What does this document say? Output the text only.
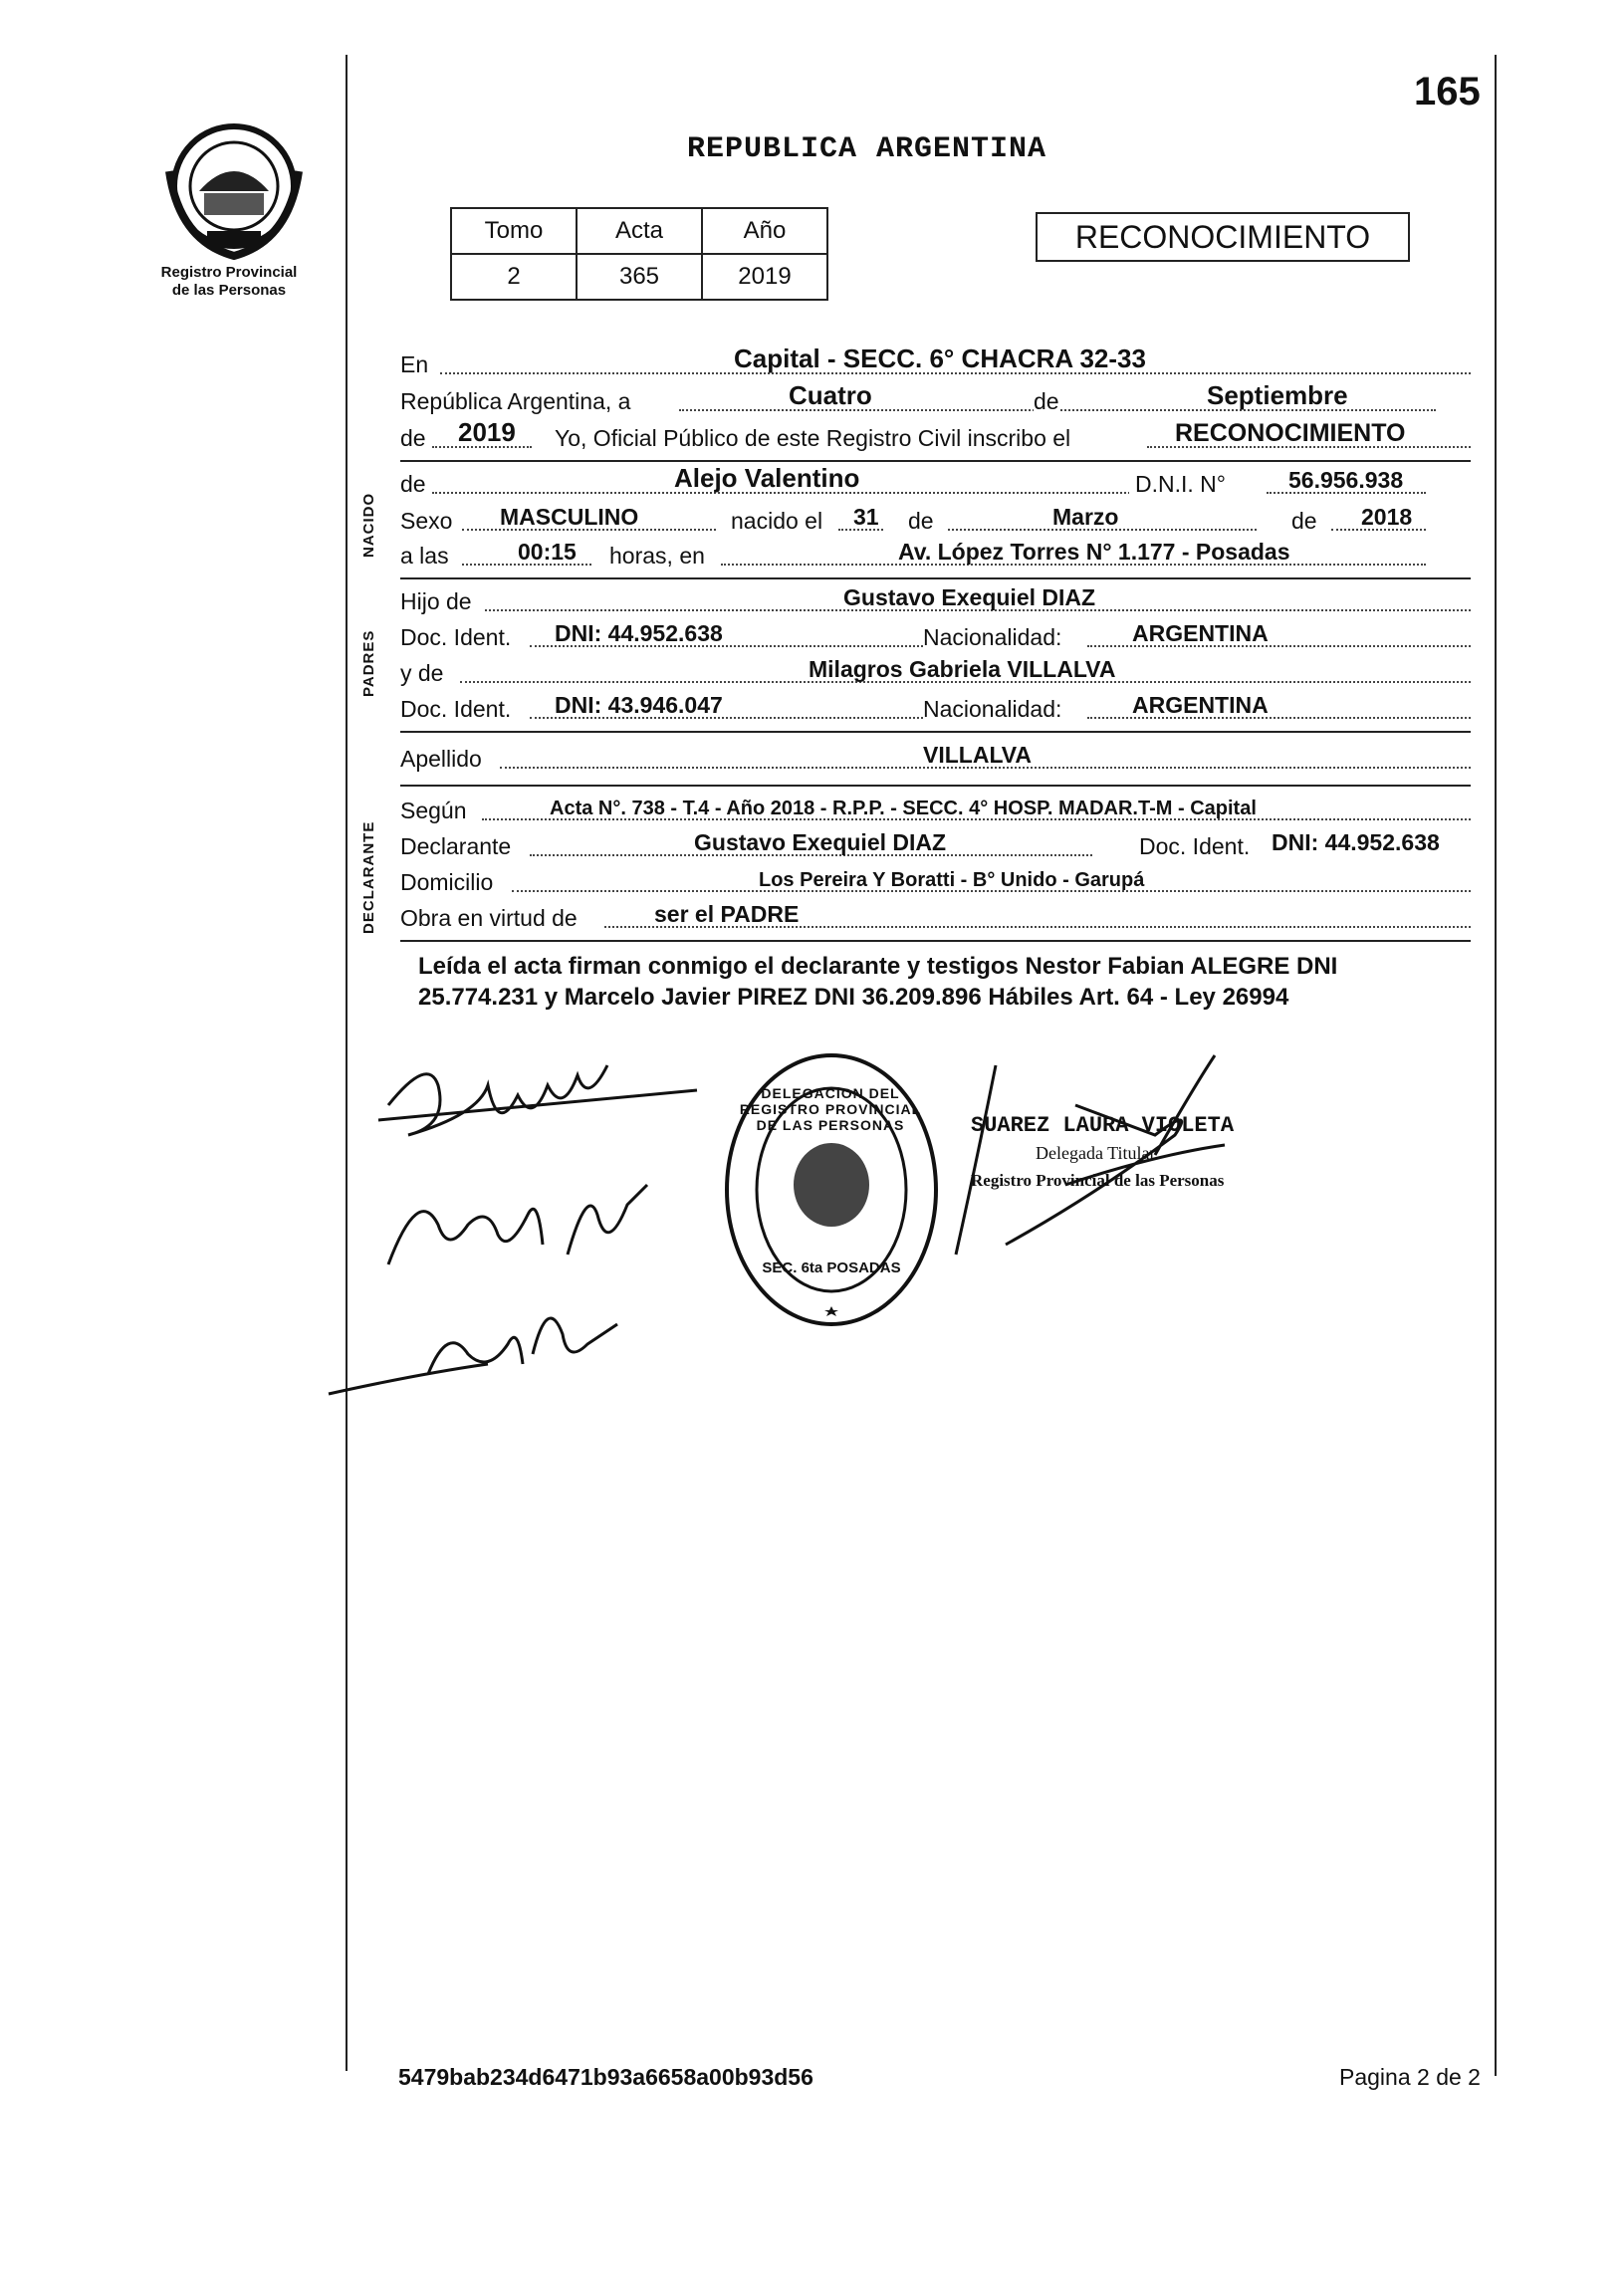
165
Registro Provincial
de las Personas
REPUBLICA ARGENTINA
Tomo	Acta	Año
2	365	2019
RECONOCIMIENTO
NACIDO
PADRES
DECLARANTE
En	Capital - SECC. 6° CHACRA 32-33
República Argentina, a	Cuatro	de	Septiembre
de 2019 Yo, Oficial Público de este Registro Civil inscribo el	RECONOCIMIENTO
de	Alejo Valentino	D.N.I. N°	56.956.938
Sexo MASCULINO	nacido el 31 de	Marzo	de 2018
a las	00:15 horas, en	Av. López Torres N° 1.177 - Posadas
Hijo de	Gustavo Exequiel DIAZ
Doc. Ident. DNI: 44.952.638	Nacionalidad:	ARGENTINA
y de	Milagros Gabriela VILLALVA
Doc. Ident. DNI: 43.946.047	Nacionalidad:	ARGENTINA
Apellido	VILLALVA
Según	Acta N°. 738 - T.4 - Año 2018 - R.P.P. - SECC. 4° HOSP. MADAR.T-M - Capital
Declarante	Gustavo Exequiel DIAZ	Doc. Ident. DNI: 44.952.638
Domicilio	Los Pereira Y Boratti - B° Unido - Garupá
Obra en virtud de	ser el PADRE
Leída el acta firman conmigo el declarante y testigos Nestor Fabian ALEGRE DNI
25.774.231 y Marcelo Javier PIREZ DNI 36.209.896 Hábiles Art. 64 - Ley 26994
DELEGACION DEL REGISTRO PROVINCIAL DE LAS PERSONAS
SEC. 6ta POSADAS
SUAREZ LAURA VIOLETA
Delegada Titular
Registro Provincial de las Personas
5479bab234d6471b93a6658a00b93d56	Pagina 2 de 2
